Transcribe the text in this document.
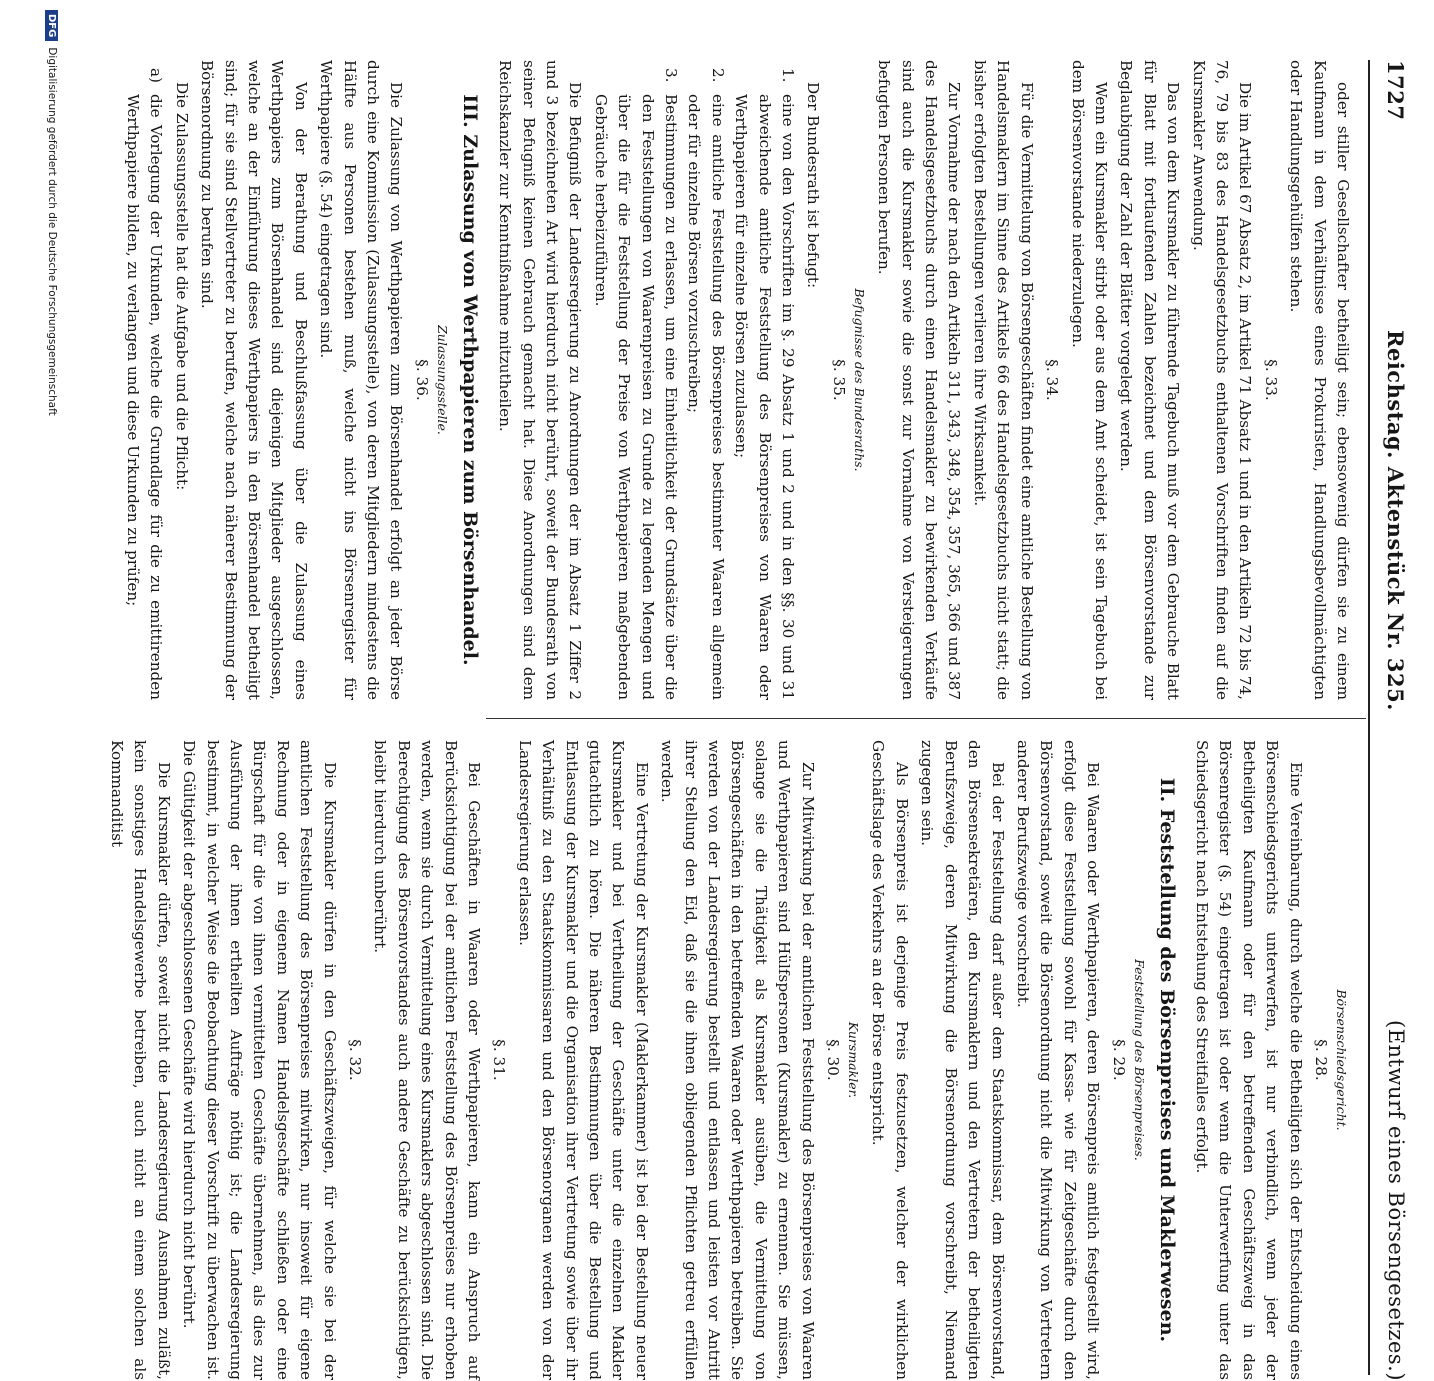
1727
Reichstag. Aktenstück Nr. 325.
(Entwurf eines Börsengesetzes.)

oder stiller Gesellschafter betheiligt sein; ebensowenig dürfen sie zu einem Kaufmann in dem Verhältnisse eines Prokuristen, Handlungsbevollmächtigten oder Handlungsgehülfen stehen.

§. 33.

Die im Artikel 67 Absatz 2, im Artikel 71 Absatz 1 und in den Artikeln 72 bis 74, 76, 79 bis 83 des Handelsgesetzbuchs enthaltenen Vorschriften finden auf die Kursmakler Anwendung.

Das von dem Kursmakler zu führende Tagebuch muß vor dem Gebrauche Blatt für Blatt mit fortlaufenden Zahlen bezeichnet und dem Börsenvorstande zur Beglaubigung der Zahl der Blätter vorgelegt werden.

Wenn ein Kursmakler stirbt oder aus dem Amt scheidet, ist sein Tagebuch bei dem Börsenvorstande niederzulegen.

§. 34.

Für die Vermittelung von Börsengeschäften findet eine amtliche Bestellung von Handelsmaklern im Sinne des Artikels 66 des Handelsgesetzbuchs nicht statt; die bisher erfolgten Bestellungen verlieren ihre Wirksamkeit.

Zur Vornahme der nach den Artikeln 311, 343, 348, 354, 357, 365, 366 und 387 des Handelsgesetzbuchs durch einen Handelsmakler zu bewirkenden Verkäufe sind auch die Kursmakler sowie die sonst zur Vornahme von Versteigerungen befugten Personen berufen.

Befugnisse des Bundesraths.

§. 35.

Der Bundesrath ist befugt:

1.eine von den Vorschriften im §. 29 Absatz 1 und 2 und in den §§. 30 und 31 abweichende amtliche Feststellung des Börsenpreises von Waaren oder Werthpapieren für einzelne Börsen zuzulassen;
2.eine amtliche Feststellung des Börsenpreises bestimmter Waaren allgemein oder für einzelne Börsen vorzuschreiben;
3.Bestimmungen zu erlassen, um eine Einheitlichkeit der Grundsätze über die den Feststellungen von Waarenpreisen zu Grunde zu legenden Mengen und über die für die Feststellung der Preise von Werthpapieren maßgebenden Gebräuche herbeizuführen.

Die Befugniß der Landesregierung zu Anordnungen der im Absatz 1 Ziffer 2 und 3 bezeichneten Art wird hierdurch nicht berührt, soweit der Bundesrath von seiner Befugniß keinen Gebrauch gemacht hat. Diese Anordnungen sind dem Reichskanzler zur Kenntnißnahme mitzutheilen.

III. Zulassung von Werthpapieren zum Börsenhandel.

Zulassungsstelle.

§. 36.

Die Zulassung von Werthpapieren zum Börsenhandel erfolgt an jeder Börse durch eine Kommission (Zulassungsstelle), von deren Mitgliedern mindestens die Hälfte aus Personen bestehen muß, welche nicht ins Börsenregister für Werthpapiere (§. 54) eingetragen sind.

Von der Berathung und Beschlußfassung über die Zulassung eines Werthpapiers zum Börsenhandel sind diejenigen Mitglieder ausgeschlossen, welche an der Einführung dieses Werthpapiers in den Börsenhandel betheiligt sind; für sie sind Stellvertreter zu berufen, welche nach näherer Bestimmung der Börsenordnung zu berufen sind.

Die Zulassungsstelle hat die Aufgabe und die Pflicht:

a)die Vorlegung der Urkunden, welche die Grundlage für die zu emittirenden Werthpapiere bilden, zu verlangen und diese Urkunden zu prüfen;

Börsenschiedsgericht.

§. 28.

Eine Vereinbarung, durch welche die Betheiligten sich der Entscheidung eines Börsenschiedsgerichts unterwerfen, ist nur verbindlich, wenn jeder der Betheiligten Kaufmann oder für den betreffenden Geschäftszweig in das Börsenregister (§. 54) eingetragen ist oder wenn die Unterwerfung unter das Schiedsgericht nach Entstehung des Streitfalles erfolgt.

II. Feststellung des Börsenpreises und Maklerwesen.

Feststellung des Börsenpreises.

§. 29.

Bei Waaren oder Werthpapieren, deren Börsenpreis amtlich festgestellt wird, erfolgt diese Feststellung sowohl für Kassa- wie für Zeitgeschäfte durch den Börsenvorstand, soweit die Börsenordnung nicht die Mitwirkung von Vertretern anderer Berufszweige vorschreibt.

Bei der Feststellung darf außer dem Staatskommissar, dem Börsenvorstand, den Börsensekretären, den Kursmaklern und den Vertretern der betheiligten Berufszweige, deren Mitwirkung die Börsenordnung vorschreibt, Niemand zugegen sein.

Als Börsenpreis ist derjenige Preis festzusetzen, welcher der wirklichen Geschäftslage des Verkehrs an der Börse entspricht.

Kursmakler.

§. 30.

Zur Mitwirkung bei der amtlichen Feststellung des Börsenpreises von Waaren und Werthpapieren sind Hülfspersonen (Kursmakler) zu ernennen. Sie müssen, solange sie die Thätigkeit als Kursmakler ausüben, die Vermittelung von Börsengeschäften in den betreffenden Waaren oder Werthpapieren betreiben. Sie werden von der Landesregierung bestellt und entlassen und leisten vor Antritt ihrer Stellung den Eid, daß sie die ihnen obliegenden Pflichten getreu erfüllen werden.

Eine Vertretung der Kursmakler (Maklerkammer) ist bei der Bestellung neuer Kursmakler und bei Vertheilung der Geschäfte unter die einzelnen Makler gutachtlich zu hören. Die näheren Bestimmungen über die Bestellung und Entlassung der Kursmakler und die Organisation ihrer Vertretung sowie über ihr Verhältniß zu den Staatskommissaren und den Börsenorganen werden von der Landesregierung erlassen.

§. 31.

Bei Geschäften in Waaren oder Werthpapieren, kann ein Anspruch auf Berücksichtigung bei der amtlichen Feststellung des Börsenpreises nur erhoben werden, wenn sie durch Vermittelung eines Kursmaklers abgeschlossen sind. Die Berechtigung des Börsenvorstandes auch andere Geschäfte zu berücksichtigen, bleibt hierdurch unberührt.

§. 32.

Die Kursmakler dürfen in den Geschäftszweigen, für welche sie bei der amtlichen Feststellung des Börsenpreises mitwirken, nur insoweit für eigene Rechnung oder in eigenem Namen Handelsgeschäfte schließen oder eine Bürgschaft für die von ihnen vermittelten Geschäfte übernehmen, als dies zur Ausführung der ihnen ertheilten Aufträge nöthig ist; die Landesregierung bestimmt, in welcher Weise die Beobachtung dieser Vorschrift zu überwachen ist. Die Gültigkeit der abgeschlossenen Geschäfte wird hierdurch nicht berührt.

Die Kursmakler dürfen, soweit nicht die Landesregierung Ausnahmen zuläßt, kein sonstiges Handelsgewerbe betreiben, auch nicht an einem solchen als Kommanditist

DFGDigitalisierung gefördert durch die Deutsche Forschungsgemeinschaft
